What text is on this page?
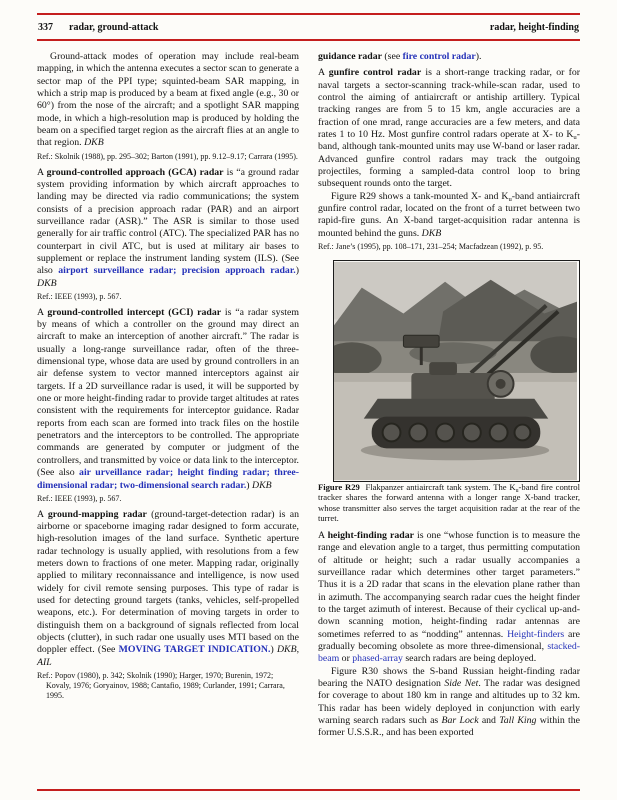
337 radar, ground-attack	radar, height-finding

Ground-attack modes of operation may include real-beam mapping, in which the antenna executes a sector scan to generate a sector map of the PPI type; squinted-beam SAR mapping, in which a strip map is produced by a beam at fixed angle (e.g., 30 or 60°) from the nose of the aircraft; and a spotlight SAR mapping mode, in which a high-resolution map is produced by holding the beam on a specified target region as the aircraft flies at an angle to that region. DKB

Ref.: Skolnik (1988), pp. 295–302; Barton (1991), pp. 9.12–9.17; Carrara (1995).

A ground-controlled approach (GCA) radar is “a ground radar system providing information by which aircraft approaches to landing may be directed via radio communications; the system consists of a precision approach radar (PAR) and an airport surveillance radar (ASR).” The ASR is similar to those used generally for air traffic control (ATC). The specialized PAR has no counterpart in civil ATC, but is used at military air bases to supplement or replace the instrument landing system (ILS). (See also airport surveillance radar; precision approach radar.) DKB

Ref.: IEEE (1993), p. 567.

A ground-controlled intercept (GCI) radar is “a radar system by means of which a controller on the ground may direct an aircraft to make an interception of another aircraft.” The radar is usually a long-range surveillance radar, often of the three-dimensional type, whose data are used by ground controllers in an air defense system to vector manned interceptors against air targets. If a 2D surveillance radar is used, it will be supported by one or more height-finding radar to provide target altitudes at rates consistent with the requirements for interceptor guidance. Radar reports from each scan are formed into track files on the hostile penetrators and the interceptors to be controlled. The appropriate commands are generated by computer or judgment of the controllers, and transmitted by voice or data link to the interceptor. (See also air urveillance radar; height finding radar; three-dimensional radar; two-dimensional search radar.) DKB

Ref.: IEEE (1993), p. 567.

A ground-mapping radar (ground-target-detection radar) is an airborne or spaceborne imaging radar designed to form accurate, high-resolution images of the land surface. Synthetic aperture radar technology is usually applied, with resolutions from a few meters down to fractions of one meter. Mapping radar, originally applied to military reconnaissance and intelligence, is now used widely for civil remote sensing purposes. This type of radar is used for detecting ground targets (tanks, vehicles, self-propelled weapons, etc.). For determination of moving targets in order to distinguish them on a background of signals reflected from local objects (clutter), in such radar one usually uses MTI based on the doppler effect. (See MOVING TARGET INDICATION.) DKB, AIL

Ref.: Popov (1980), p. 342; Skolnik (1990); Harger, 1970; Burenin, 1972; Kovaly, 1976; Goryainov, 1988; Cantafio, 1989; Curlander, 1991; Carrara, 1995.

guidance radar (see fire control radar).

A gunfire control radar is a short-range tracking radar, or for naval targets a sector-scanning track-while-scan radar, used to control the aiming of antiaircraft or antiship artillery. Typical tracking ranges are from 5 to 15 km, angle accuracies are a fraction of one mrad, range accuracies are a few meters, and data rates 1 to 10 Hz. Most gunfire control radars operate at X- to $K_u$-band, although tank-mounted units may use W-band or laser radar. Advanced gunfire control radars may track the outgoing projectiles, forming a sampled-data control loop to bring subsequent rounds onto the target.

Figure R29 shows a tank-mounted X- and $K_u$-band antiaircraft gunfire control radar, located on the front of a turret between two rapid-fire guns. An X-band target-acquisition radar antenna is mounted behind the guns. DKB

Ref.: Jane’s (1995), pp. 108–171, 231–254; Macfadzean (1992), p. 95.

Figure R29  Flakpanzer antiaircraft tank system. The $K_u$-band fire control tracker shares the forward antenna with a longer range X-band tracker, whose transmitter also serves the target acquisition radar at the rear of the turret.

A height-finding radar is one “whose function is to measure the range and elevation angle to a target, thus permitting computation of altitude or height; such a radar usually accompanies a surveillance radar which determines other target parameters.” Thus it is a 2D radar that scans in the elevation plane rather than in azimuth. The accompanying search radar cues the height finder to the target azimuth of interest. Because of their cyclical up-and-down scanning motion, height-finding radar antennas are sometimes referred to as “nodding” antennas. Height-finders are gradually becoming obsolete as more three-dimensional, stacked-beam or phased-array search radars are being deployed.

Figure R30 shows the S-band Russian height-finding radar bearing the NATO designation Side Net. The radar was designed for coverage to about 180 km in range and altitudes up to 32 km. This radar has been widely deployed in conjunction with early warning search radars such as Bar Lock and Tall King within the former U.S.S.R., and has been exported
